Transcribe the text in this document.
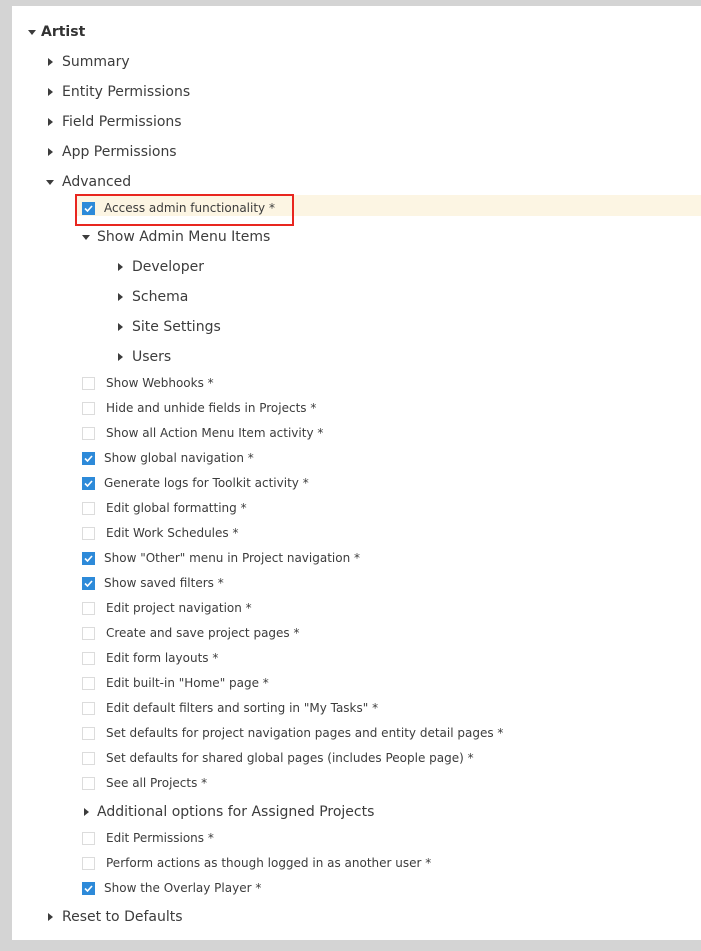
Artist
Summary
Entity Permissions
Field Permissions
App Permissions
Advanced
Access admin functionality *
Show Admin Menu Items
Developer
Schema
Site Settings
Users
Show Webhooks *
Hide and unhide fields in Projects *
Show all Action Menu Item activity *
Show global navigation *
Generate logs for Toolkit activity *
Edit global formatting *
Edit Work Schedules *
Show "Other" menu in Project navigation *
Show saved filters *
Edit project navigation *
Create and save project pages *
Edit form layouts *
Edit built-in "Home" page *
Edit default filters and sorting in "My Tasks" *
Set defaults for project navigation pages and entity detail pages *
Set defaults for shared global pages (includes People page) *
See all Projects *
Additional options for Assigned Projects
Edit Permissions *
Perform actions as though logged in as another user *
Show the Overlay Player *
Reset to Defaults
